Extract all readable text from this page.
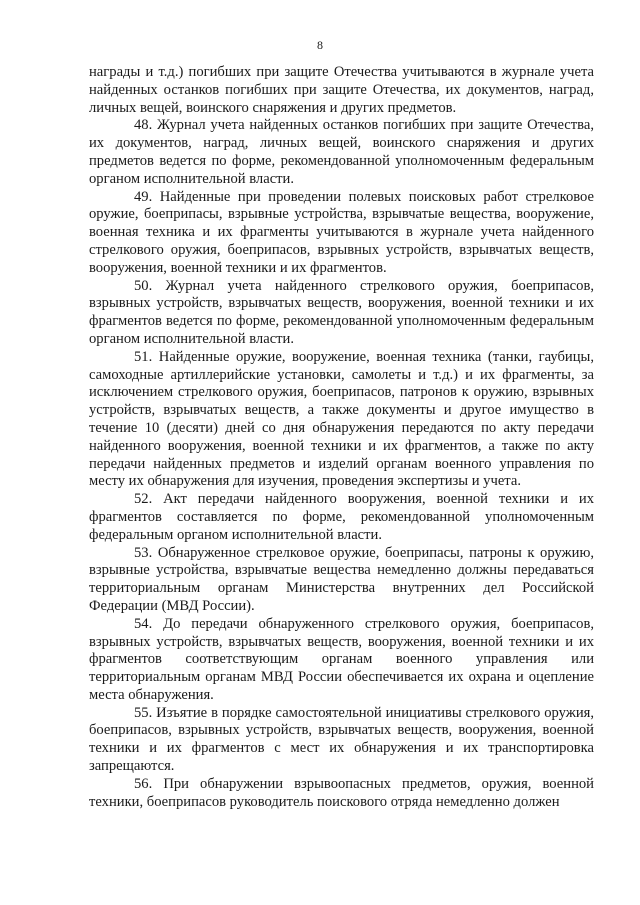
8

награды и т.д.) погибших при защите Отечества учитываются в журнале учета найденных останков погибших при защите Отечества, их документов, наград, личных вещей, воинского снаряжения и других предметов.

48. Журнал учета найденных останков погибших при защите Отечества, их документов, наград, личных вещей, воинского снаряжения и других предметов ведется по форме, рекомендованной уполномоченным федеральным органом исполнительной власти.

49. Найденные при проведении полевых поисковых работ стрелковое оружие, боеприпасы, взрывные устройства, взрывчатые вещества, вооружение, военная техника и их фрагменты учитываются в журнале учета найденного стрелкового оружия, боеприпасов, взрывных устройств, взрывчатых веществ, вооружения, военной техники и их фрагментов.

50. Журнал учета найденного стрелкового оружия, боеприпасов, взрывных устройств, взрывчатых веществ, вооружения, военной техники и их фрагментов ведется по форме, рекомендованной уполномоченным федеральным органом исполнительной власти.

51. Найденные оружие, вооружение, военная техника (танки, гаубицы, самоходные артиллерийские установки, самолеты и т.д.) и их фрагменты, за исключением стрелкового оружия, боеприпасов, патронов к оружию, взрывных устройств, взрывчатых веществ, а также документы и другое имущество в течение 10 (десяти) дней со дня обнаружения передаются по акту передачи найденного вооружения, военной техники и их фрагментов, а также по акту передачи найденных предметов и изделий органам военного управления по месту их обнаружения для изучения, проведения экспертизы и учета.

52. Акт передачи найденного вооружения, военной техники и их фрагментов составляется по форме, рекомендованной уполномоченным федеральным органом исполнительной власти.

53. Обнаруженное стрелковое оружие, боеприпасы, патроны к оружию, взрывные устройства, взрывчатые вещества немедленно должны передаваться территориальным органам Министерства внутренних дел Российской Федерации (МВД России).

54. До передачи обнаруженного стрелкового оружия, боеприпасов, взрывных устройств, взрывчатых веществ, вооружения, военной техники и их фрагментов соответствующим органам военного управления или территориальным органам МВД России обеспечивается их охрана и оцепление места обнаружения.

55. Изъятие в порядке самостоятельной инициативы стрелкового оружия, боеприпасов, взрывных устройств, взрывчатых веществ, вооружения, военной техники и их фрагментов с мест их обнаружения и их транспортировка запрещаются.

56. При обнаружении взрывоопасных предметов, оружия, военной техники, боеприпасов руководитель поискового отряда немедленно должен
